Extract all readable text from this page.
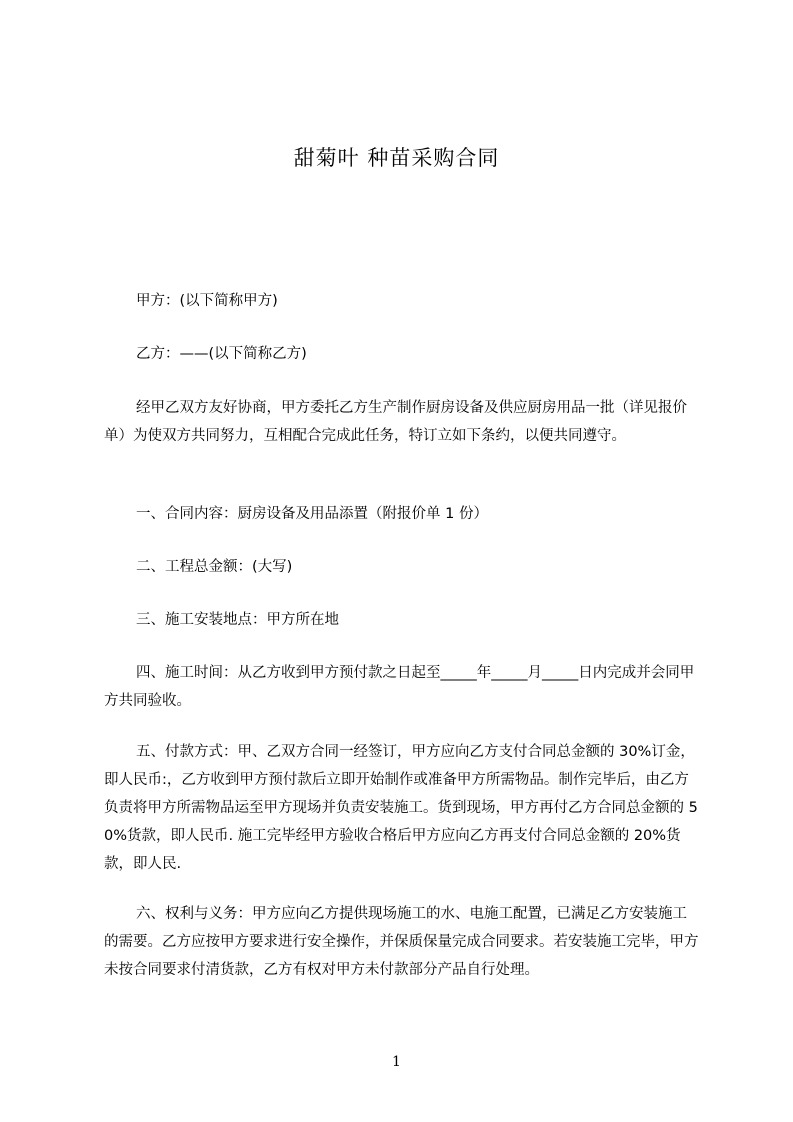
甜菊叶 种苗采购合同
甲方：(以下简称甲方)
乙方：——(以下简称乙方)
经甲乙双方友好协商，甲方委托乙方生产制作厨房设备及供应厨房用品一批（详见报价单）为使双方共同努力，互相配合完成此任务，特订立如下条约，以便共同遵守。
一、合同内容：厨房设备及用品添置（附报价单 1 份）
二、工程总金额：(大写)
三、施工安装地点：甲方所在地
四、施工时间：从乙方收到甲方预付款之日起至_____年_____月_____日内完成并会同甲方共同验收。
五、付款方式：甲、乙双方合同一经签订，甲方应向乙方支付合同总金额的 30%订金，即人民币:，乙方收到甲方预付款后立即开始制作或准备甲方所需物品。制作完毕后，由乙方负责将甲方所需物品运至甲方现场并负责安装施工。货到现场，甲方再付乙方合同总金额的 50%货款，即人民币. 施工完毕经甲方验收合格后甲方应向乙方再支付合同总金额的 20%货款，即人民.
六、权利与义务：甲方应向乙方提供现场施工的水、电施工配置，已满足乙方安装施工的需要。乙方应按甲方要求进行安全操作，并保质保量完成合同要求。若安装施工完毕，甲方未按合同要求付清货款，乙方有权对甲方未付款部分产品自行处理。
1
